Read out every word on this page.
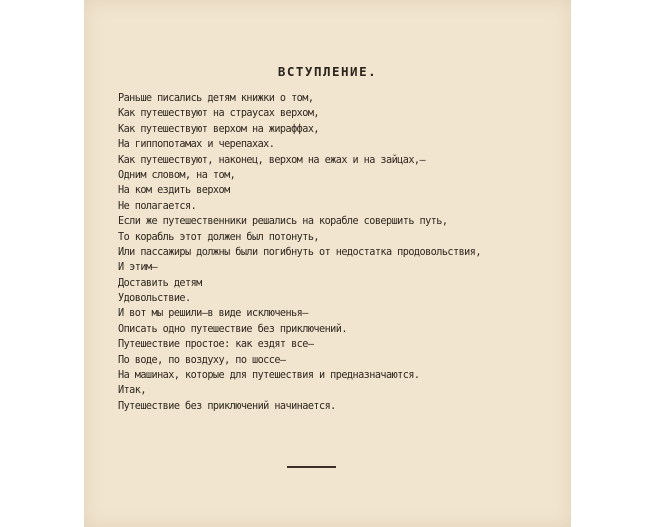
ВСТУПЛЕНИЕ.
Раньше писались детям книжки о том,
Как путешествуют на страусах верхом,
Как путешествуют верхом на жираффах,
На гиппопотамах и черепахах.
Как путешествуют, наконец, верхом на ежах и на зайцах,—
Одним словом, на том,
На ком ездить верхом
Не полагается.
Если же путешественники решались на корабле совершить путь,
То корабль этот должен был потонуть,
Или пассажиры должны были погибнуть от недостатка продовольствия,
И этим—
Доставить детям
Удовольствие.
И вот мы решили—в виде исключенья—
Описать одно путешествие без приключений.
Путешествие простое: как ездят все—
По воде, по воздуху, по шоссе—
На машинах, которые для путешествия и предназначаются.
Итак,
Путешествие без приключений начинается.
